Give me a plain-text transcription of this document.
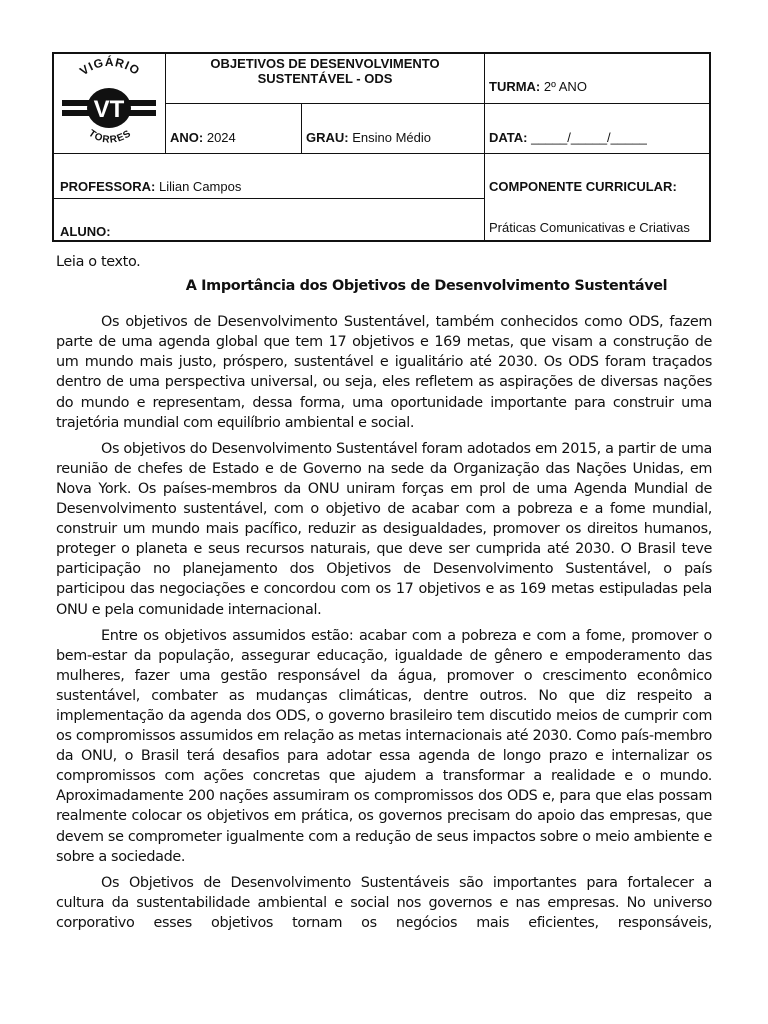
VIGÁRIO
VT
TORRES
OBJETIVOS DE DESENVOLVIMENTO
SUSTENTÁVEL - ODS
TURMA: 2º ANO
ANO: 2024	GRAU: Ensino Médio	DATA: _____/_____/_____
PROFESSORA: Lilian Campos	COMPONENTE CURRICULAR:
Práticas Comunicativas e Criativas
ALUNO:

Leia o texto.

A Importância dos Objetivos de Desenvolvimento Sustentável

Os objetivos de Desenvolvimento Sustentável, também conhecidos como ODS, fazem parte de uma agenda global que tem 17 objetivos e 169 metas, que visam a construção de um mundo mais justo, próspero, sustentável e igualitário até 2030. Os ODS foram traçados dentro de uma perspectiva universal, ou seja, eles refletem as aspirações de diversas nações do mundo e representam, dessa forma, uma oportunidade importante para construir uma trajetória mundial com equilíbrio ambiental e social.

Os objetivos do Desenvolvimento Sustentável foram adotados em 2015, a partir de uma reunião de chefes de Estado e de Governo na sede da Organização das Nações Unidas, em Nova York. Os países-membros da ONU uniram forças em prol de uma Agenda Mundial de Desenvolvimento sustentável, com o objetivo de acabar com a pobreza e a fome mundial, construir um mundo mais pacífico, reduzir as desigualdades, promover os direitos humanos, proteger o planeta e seus recursos naturais, que deve ser cumprida até 2030. O Brasil teve participação no planejamento dos Objetivos de Desenvolvimento Sustentável, o país participou das negociações e concordou com os 17 objetivos e as 169 metas estipuladas pela ONU e pela comunidade internacional.

Entre os objetivos assumidos estão: acabar com a pobreza e com a fome, promover o bem-estar da população, assegurar educação, igualdade de gênero e empoderamento das mulheres, fazer uma gestão responsável da água, promover o crescimento econômico sustentável, combater as mudanças climáticas, dentre outros. No que diz respeito a implementação da agenda dos ODS, o governo brasileiro tem discutido meios de cumprir com os compromissos assumidos em relação as metas internacionais até 2030. Como país-membro da ONU, o Brasil terá desafios para adotar essa agenda de longo prazo e internalizar os compromissos com ações concretas que ajudem a transformar a realidade e o mundo. Aproximadamente 200 nações assumiram os compromissos dos ODS e, para que elas possam realmente colocar os objetivos em prática, os governos precisam do apoio das empresas, que devem se comprometer igualmente com a redução de seus impactos sobre o meio ambiente e sobre a sociedade.

Os Objetivos de Desenvolvimento Sustentáveis são importantes para fortalecer a cultura da sustentabilidade ambiental e social nos governos e nas empresas. No universo corporativo esses objetivos tornam os negócios mais eficientes, responsáveis,
